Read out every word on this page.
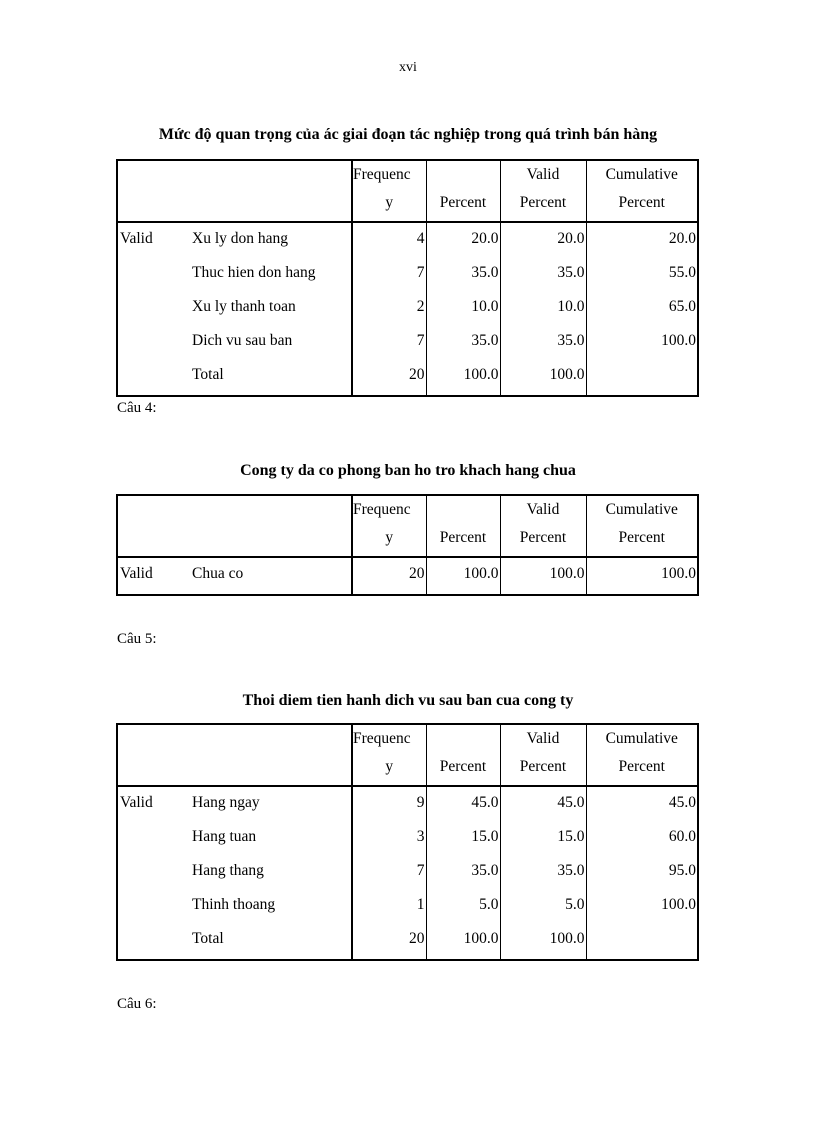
xvi
Mức độ quan trọng của ác giai đoạn tác nghiệp trong quá trình bán hàng
		Frequenc		Valid	Cumulative
		y	Percent	Percent	Percent
Valid	Xu ly don hang	4	20.0	20.0	20.0
	Thuc hien don hang	7	35.0	35.0	55.0
	Xu ly thanh toan	2	10.0	10.0	65.0
	Dich vu sau ban	7	35.0	35.0	100.0
	Total	20	100.0	100.0	
Câu 4:
Cong ty da co phong ban ho tro khach hang chua
		Frequenc		Valid	Cumulative
		y	Percent	Percent	Percent
Valid	Chua co	20	100.0	100.0	100.0
Câu 5:
Thoi diem tien hanh dich vu sau ban cua cong ty
		Frequenc		Valid	Cumulative
		y	Percent	Percent	Percent
Valid	Hang ngay	9	45.0	45.0	45.0
	Hang tuan	3	15.0	15.0	60.0
	Hang thang	7	35.0	35.0	95.0
	Thinh thoang	1	5.0	5.0	100.0
	Total	20	100.0	100.0	
Câu 6:
